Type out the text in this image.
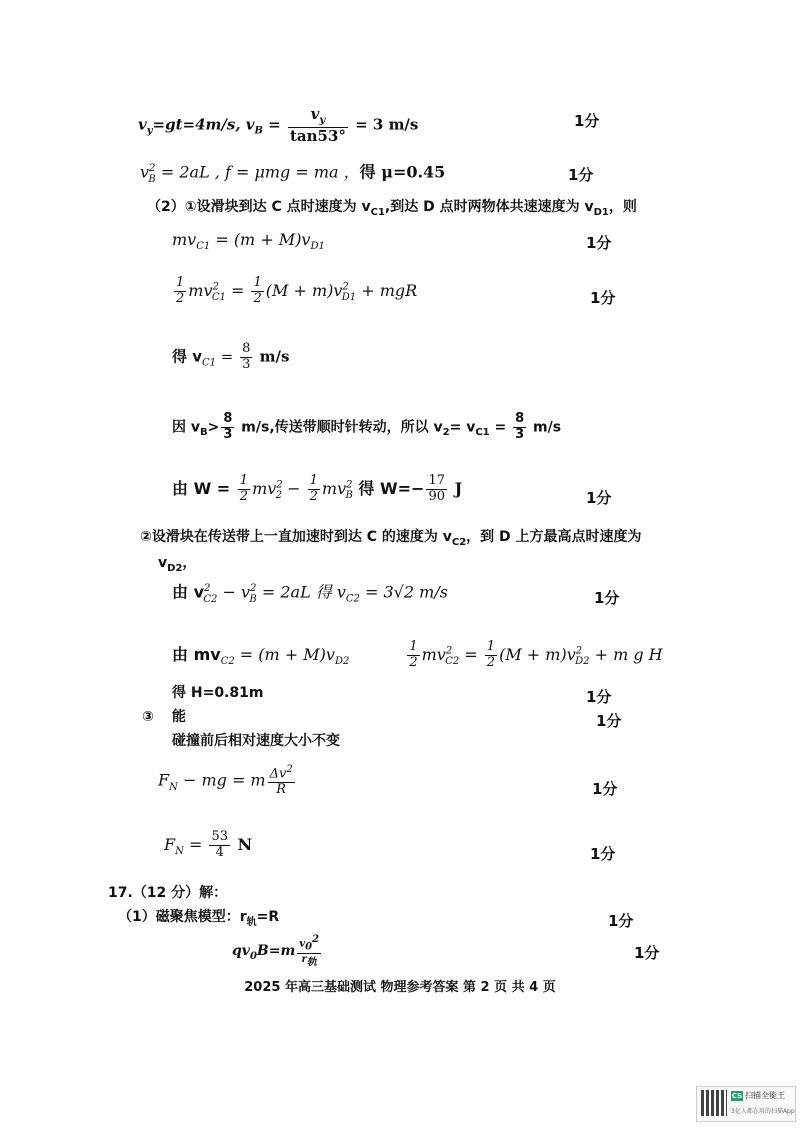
$v_y=gt=4m/s$, $v_B = \frac{v_y}{\tan 53^\circ} = 3$ m/s	1分
$v^2_B = 2aL$ , f = μmg = ma ，得 μ=0.45	1分
（2）①设滑块到达 C 点时速度为 $v_{C1}$,到达 D 点时两物体共速速度为 $v_{D1}$，则
$mv_{C1} = (m + M)v_{D1}$	1分
$\frac{1}{2} mv^2_{C1} = \frac{1}{2} (M + m)v^2_{D1}$ + mgR	1分
得 $v_{C1} = \frac{8}{3} m/s$
因 $v_B> \frac{8}{3} m/s$,传送带顺时针转动，所以 $v_2= v_{C1} = \frac{8}{3} m/s$
由 $W = \frac{1}{2} mv^2_2 - \frac{1}{2} mv^2_B$ 得 $W=- \frac{17}{90}$ J
1分
②设滑块在传送带上一直加速时到达 C 的速度为 $v_{C2}$，到 D 上方最高点时速度为
$v_{D2}$，
由 $v^2_{C2} - v^2_B = 2aL$ 得 $v_{C2} = 3√2$ m/s	1分
由 $mv_{C2} = (m + M)v_{D2}$	$\frac{1}{2} mv^2_{C2} = \frac{1}{2} (M + m)v^2_{D2} + m$ g H
得 H=0.81m	1分
③ 能	1分
碰撞前后相对速度大小不变
$F_N$ − mg = m $\frac{\Delta v^2}{R}$	1分
$F_N = \frac{53}{4}$ N
1分
17.（12 分）解：
（1）磁聚焦模型：$r_轨=R$	1分
$qv_0B=m \frac{v_0^2}{r_轨}$	1分
2025 年高三基础测试 物理参考答案 第 2 页 共 4 页
CS 扫描全能王
3亿人都在用的扫描App
